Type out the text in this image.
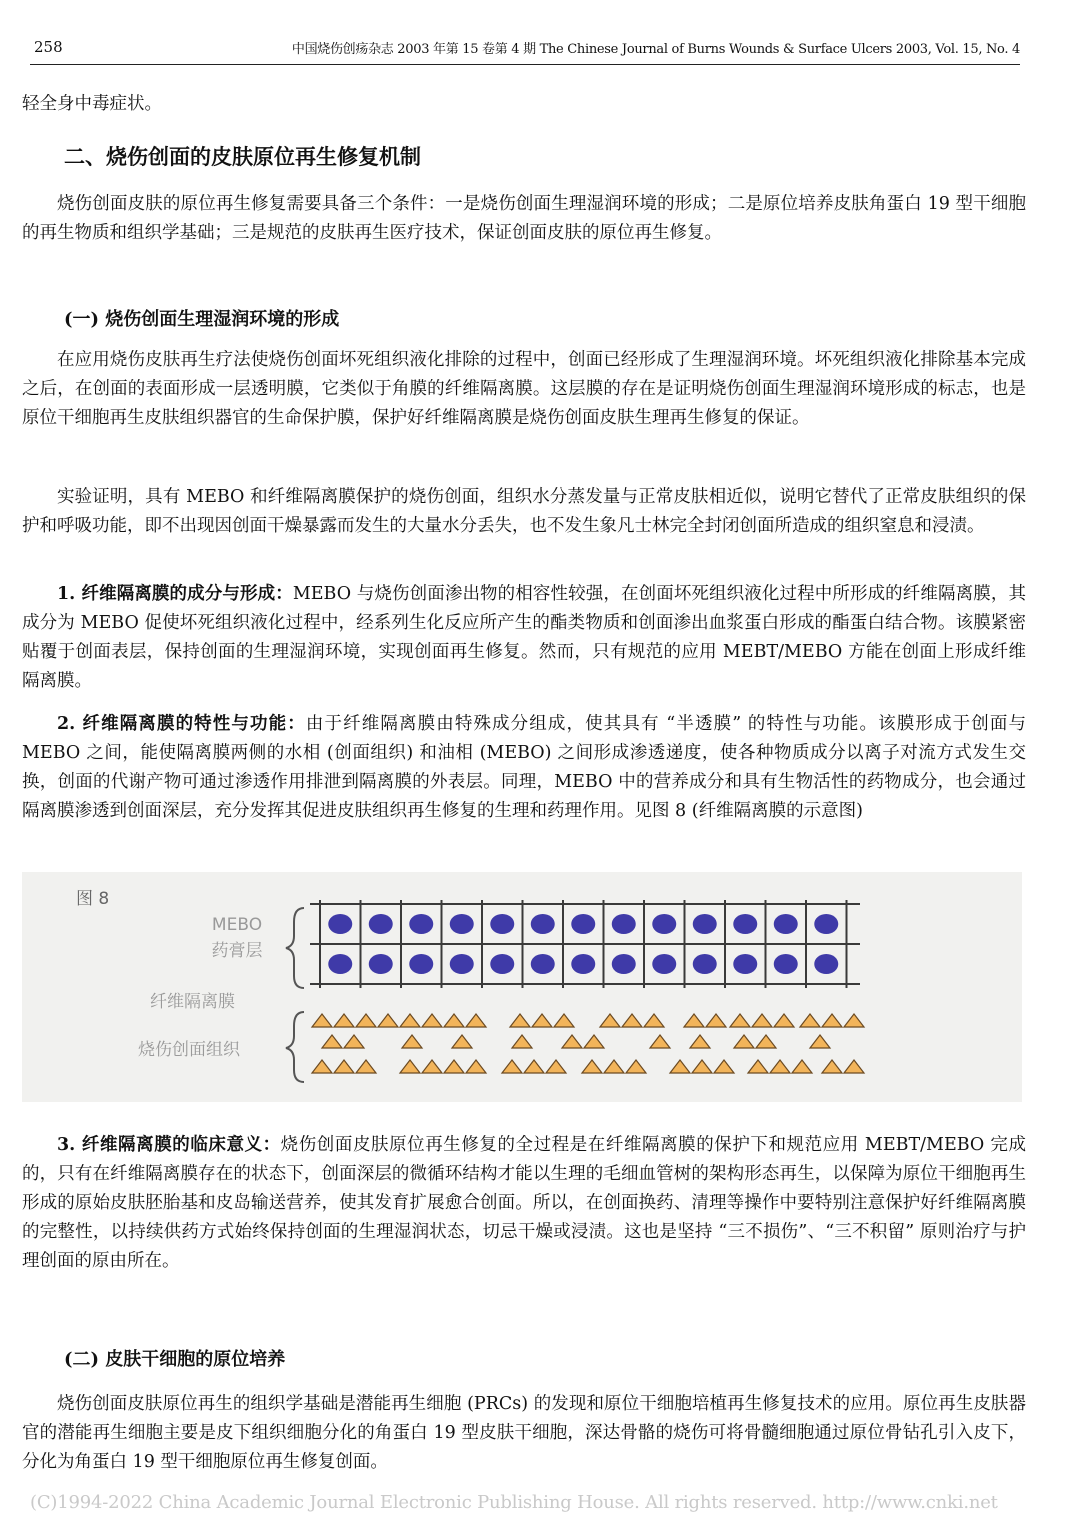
258	中国烧伤创疡杂志 2003 年第 15 卷第 4 期 The Chinese Journal of Burns Wounds & Surface Ulcers 2003, Vol. 15, No. 4
轻全身中毒症状。
二、烧伤创面的皮肤原位再生修复机制
烧伤创面皮肤的原位再生修复需要具备三个条件：一是烧伤创面生理湿润环境的形成；二是原位培养皮肤角蛋白 19 型干细胞的再生物质和组织学基础；三是规范的皮肤再生医疗技术，保证创面皮肤的原位再生修复。
(一) 烧伤创面生理湿润环境的形成
在应用烧伤皮肤再生疗法使烧伤创面坏死组织液化排除的过程中，创面已经形成了生理湿润环境。坏死组织液化排除基本完成之后，在创面的表面形成一层透明膜，它类似于角膜的纤维隔离膜。这层膜的存在是证明烧伤创面生理湿润环境形成的标志，也是原位干细胞再生皮肤组织器官的生命保护膜，保护好纤维隔离膜是烧伤创面皮肤生理再生修复的保证。
实验证明，具有 MEBO 和纤维隔离膜保护的烧伤创面，组织水分蒸发量与正常皮肤相近似，说明它替代了正常皮肤组织的保护和呼吸功能，即不出现因创面干燥暴露而发生的大量水分丢失，也不发生象凡士林完全封闭创面所造成的组织窒息和浸渍。
1. 纤维隔离膜的成分与形成：MEBO 与烧伤创面渗出物的相容性较强，在创面坏死组织液化过程中所形成的纤维隔离膜，其成分为 MEBO 促使坏死组织液化过程中，经系列生化反应所产生的酯类物质和创面渗出血浆蛋白形成的酯蛋白结合物。该膜紧密贴覆于创面表层，保持创面的生理湿润环境，实现创面再生修复。然而，只有规范的应用 MEBT/MEBO 方能在创面上形成纤维隔离膜。
2. 纤维隔离膜的特性与功能：由于纤维隔离膜由特殊成分组成，使其具有 “半透膜” 的特性与功能。该膜形成于创面与 MEBO 之间，能使隔离膜两侧的水相 (创面组织) 和油相 (MEBO) 之间形成渗透递度，使各种物质成分以离子对流方式发生交换，创面的代谢产物可通过渗透作用排泄到隔离膜的外表层。同理，MEBO 中的营养成分和具有生物活性的药物成分，也会通过隔离膜渗透到创面深层，充分发挥其促进皮肤组织再生修复的生理和药理作用。见图 8 (纤维隔离膜的示意图)
图 8
MEBO
药膏层
纤维隔离膜
烧伤创面组织
3. 纤维隔离膜的临床意义：烧伤创面皮肤原位再生修复的全过程是在纤维隔离膜的保护下和规范应用 MEBT/MEBO 完成的，只有在纤维隔离膜存在的状态下，创面深层的微循环结构才能以生理的毛细血管树的架构形态再生，以保障为原位干细胞再生形成的原始皮肤胚胎基和皮岛输送营养，使其发育扩展愈合创面。所以，在创面换药、清理等操作中要特别注意保护好纤维隔离膜的完整性，以持续供药方式始终保持创面的生理湿润状态，切忌干燥或浸渍。这也是坚持 “三不损伤”、“三不积留” 原则治疗与护理创面的原由所在。
(二) 皮肤干细胞的原位培养
烧伤创面皮肤原位再生的组织学基础是潜能再生细胞 (PRCs) 的发现和原位干细胞培植再生修复技术的应用。原位再生皮肤器官的潜能再生细胞主要是皮下组织细胞分化的角蛋白 19 型皮肤干细胞，深达骨骼的烧伤可将骨髓细胞通过原位骨钻孔引入皮下，分化为角蛋白 19 型干细胞原位再生修复创面。
(C)1994-2022 China Academic Journal Electronic Publishing House. All rights reserved. http://www.cnki.net
